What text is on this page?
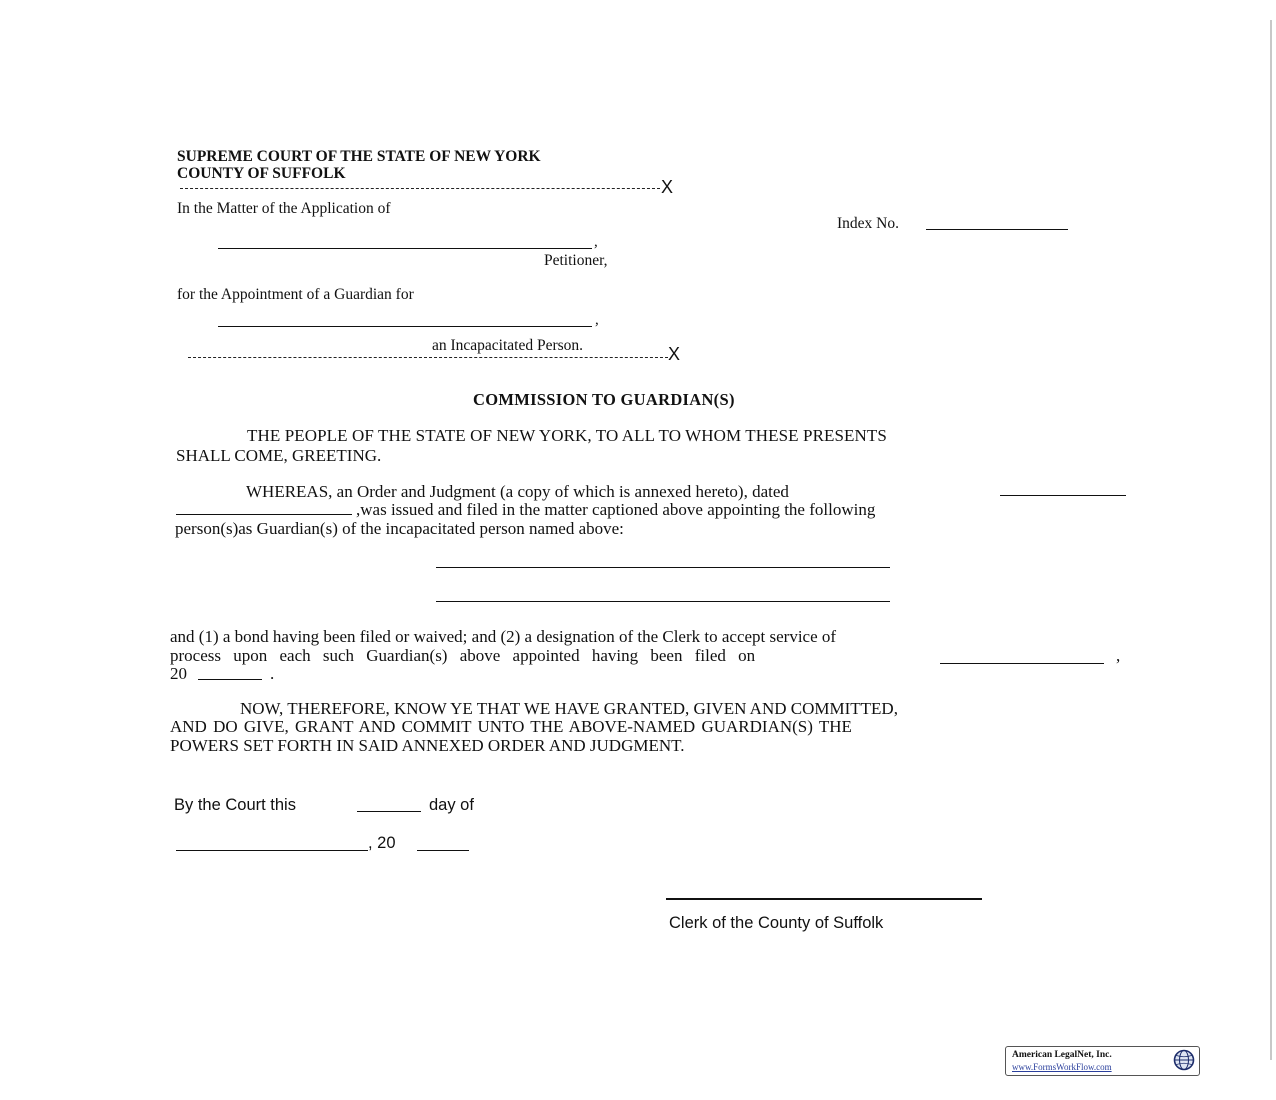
SUPREME COURT OF THE STATE OF NEW YORK
COUNTY OF SUFFOLK
X
In the Matter of the Application of
Index No.
,
Petitioner,
for the Appointment of a Guardian for
,
an Incapacitated Person.	X
COMMISSION TO GUARDIAN(S)
THE PEOPLE OF THE STATE OF NEW YORK, TO ALL TO WHOM THESE PRESENTS
SHALL COME, GREETING.
WHEREAS, an Order and Judgment (a copy of which is annexed hereto), dated
,was issued and filed in the matter captioned above appointing the following
person(s)as Guardian(s) of the incapacitated person named above:
and (1) a bond having been filed or waived; and (2) a designation of the Clerk to accept service of
process upon each such Guardian(s) above appointed having been filed on	,
20	.
NOW, THEREFORE, KNOW YE THAT WE HAVE GRANTED, GIVEN AND COMMITTED,
AND DO GIVE, GRANT AND COMMIT UNTO THE ABOVE-NAMED GUARDIAN(S) THE
POWERS SET FORTH IN SAID ANNEXED ORDER AND JUDGMENT.
By the Court this	day of
, 20
Clerk of the County of Suffolk
American LegalNet, Inc.
www.FormsWorkFlow.com
